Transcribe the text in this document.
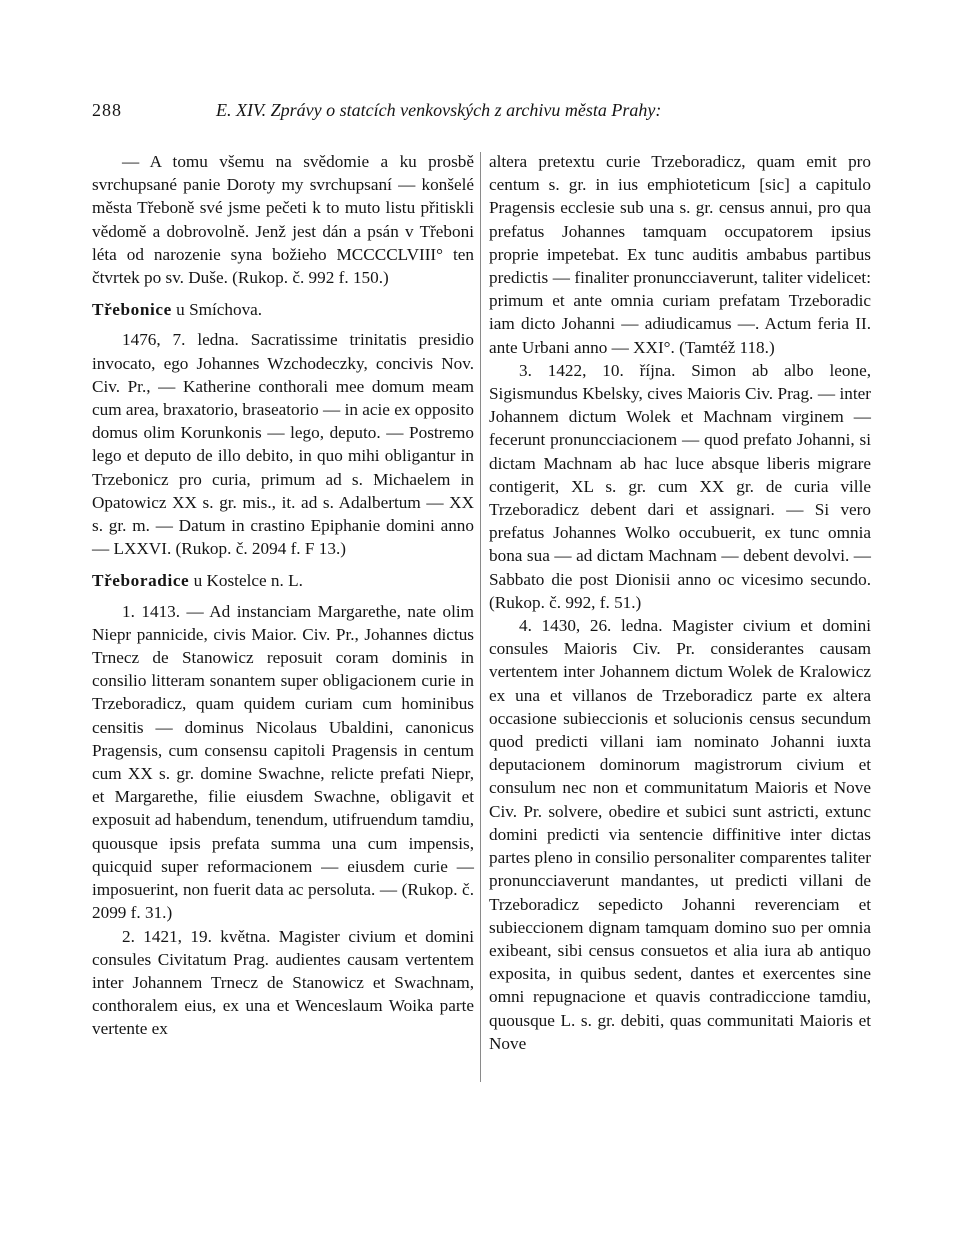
288	E. XIV. Zprávy o statcích venkovských z archivu města Prahy:

— A tomu všemu na svědomie a ku prosbě svrchupsané panie Doroty my svrchupsaní — konšelé města Třeboně své jsme pečeti k to muto listu přitiskli vědomě a dobrovolně. Jenž jest dán a psán v Třeboni léta od narozenie syna božieho MCCCCLVIII° ten čtvrtek po sv. Duše. (Rukop. č. 992 f. 150.)

Třebonice u Smíchova.

1476, 7. ledna. Sacratissime trinitatis presidio invocato, ego Johannes Wzchodeczky, concivis Nov. Civ. Pr., — Katherine conthorali mee domum meam cum area, braxatorio, braseatorio — in acie ex opposito domus olim Korunkonis — lego, deputo. — Postremo lego et deputo de illo debito, in quo mihi obligantur in Trzebonicz pro curia, primum ad s. Michaelem in Opatowicz XX s. gr. mis., it. ad s. Adalbertum — XX s. gr. m. — Datum in crastino Epiphanie domini anno — LXXVI. (Rukop. č. 2094 f. F 13.)

Třeboradice u Kostelce n. L.

1. 1413. — Ad instanciam Margarethe, nate olim Niepr pannicide, civis Maior. Civ. Pr., Johannes dictus Trnecz de Stanowicz reposuit coram dominis in consilio litteram sonantem super obligacionem curie in Trzeboradicz, quam quidem curiam cum hominibus censitis — dominus Nicolaus Ubaldini, canonicus Pragensis, cum consensu capitoli Pragensis in centum cum XX s. gr. domine Swachne, relicte prefati Niepr, et Margarethe, filie eiusdem Swachne, obligavit et exposuit ad habendum, tenendum, utifruendum tamdiu, quousque ipsis prefata summa una cum impensis, quicquid super reformacionem — eiusdem curie — imposuerint, non fuerit data ac persoluta. — (Rukop. č. 2099 f. 31.)

2. 1421, 19. května. Magister civium et domini consules Civitatum Prag. audientes causam vertentem inter Johannem Trnecz de Stanowicz et Swachnam, conthoralem eius, ex una et Wenceslaum Woika parte vertente ex

altera pretextu curie Trzeboradicz, quam emit pro centum s. gr. in ius emphioteticum [sic] a capitulo Pragensis ecclesie sub una s. gr. census annui, pro qua prefatus Johannes tamquam occupatorem ipsius proprie impetebat. Ex tunc auditis ambabus partibus predictis — finaliter pronuncciaverunt, taliter videlicet: primum et ante omnia curiam prefatam Trzeboradic iam dicto Johanni — adiudicamus —. Actum feria II. ante Urbani anno — XXI°. (Tamtéž 118.)

3. 1422, 10. října. Simon ab albo leone, Sigismundus Kbelsky, cives Maioris Civ. Prag. — inter Johannem dictum Wolek et Machnam virginem — fecerunt pronuncciacionem — quod prefato Johanni, si dictam Machnam ab hac luce absque liberis migrare contigerit, XL s. gr. cum XX gr. de curia ville Trzeboradicz debent dari et assignari. — Si vero prefatus Johannes Wolko occubuerit, ex tunc omnia bona sua — ad dictam Machnam — debent devolvi. — Sabbato die post Dionisii anno oc vicesimo secundo. (Rukop. č. 992, f. 51.)

4. 1430, 26. ledna. Magister civium et domini consules Maioris Civ. Pr. considerantes causam vertentem inter Johannem dictum Wolek de Kralowicz ex una et villanos de Trzeboradicz parte ex altera occasione subieccionis et solucionis census secundum quod predicti villani iam nominato Johanni iuxta deputacionem dominorum magistrorum civium et consulum nec non et communitatum Maioris et Nove Civ. Pr. solvere, obedire et subici sunt astricti, extunc domini predicti via sentencie diffinitive inter dictas partes pleno in consilio personaliter comparentes taliter pronuncciaverunt mandantes, ut predicti villani de Trzeboradicz sepedicto Johanni reverenciam et subieccionem dignam tamquam domino suo per omnia exibeant, sibi census consuetos et alia iura ab antiquo exposita, in quibus sedent, dantes et exercentes sine omni repugnacione et quavis contradiccione tamdiu, quousque L. s. gr. debiti, quas communitati Maioris et Nove
